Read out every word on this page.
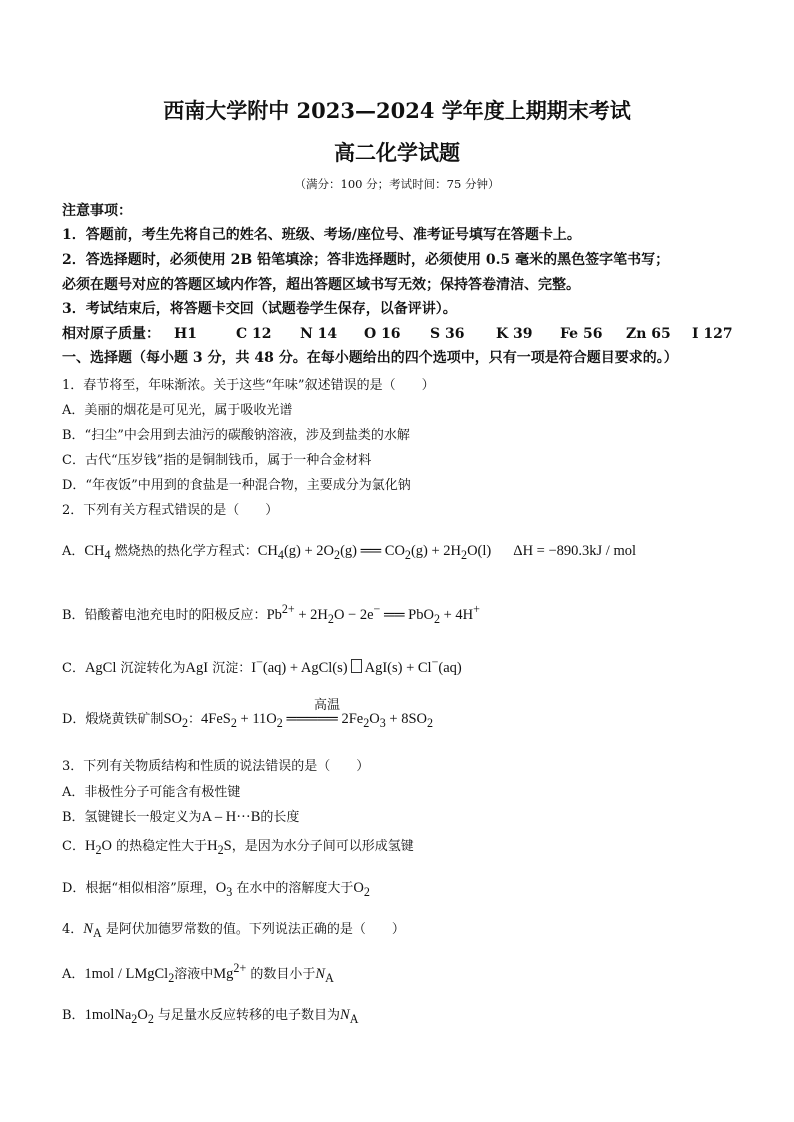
西南大学附中 2023—2024 学年度上期期末考试
高二化学试题
（满分：100 分；考试时间：75 分钟）
注意事项：
1．答题前，考生先将自己的姓名、班级、考场/座位号、准考证号填写在答题卡上。
2．答选择题时，必须使用 2B 铅笔填涂；答非选择题时，必须使用 0.5 毫米的黑色签字笔书写；
必须在题号对应的答题区域内作答，超出答题区域书写无效；保持答卷清洁、完整。
3．考试结束后，将答题卡交回（试题卷学生保存，以备评讲）。
相对原子质量： H1	C 12 N 14 O 16 S 36 K 39 Fe 56 Zn 65 I 127
一、选择题（每小题 3 分，共 48 分。在每小题给出的四个选项中，只有一项是符合题目要求的。）
1．春节将至，年味渐浓。关于这些“年味”叙述错误的是（　　）
A．美丽的烟花是可见光，属于吸收光谱
B．“扫尘”中会用到去油污的碳酸钠溶液，涉及到盐类的水解
C．古代“压岁钱”指的是铜制钱币，属于一种合金材料
D．“年夜饭”中用到的食盐是一种混合物，主要成分为氯化钠
2．下列有关方程式错误的是（　　）
A．$CH_4$ 燃烧热的热化学方程式：$CH_4(g) + 2O_2(g)$ ══ $CO_2(g) + 2H_2O(l) \Delta H = -890.3kJ$ / mol
B．铅酸蓄电池充电时的阳极反应：$Pb^{2+} + 2H_2O - 2e^-$ ══ PbO$_2$ + 4H+
C．AgCl 沉淀转化为AgI 沉淀：I−(aq) + AgCl(s) AgI(s) + Cl−(aq)
高温
D．煅烧黄铁矿制$SO_2$：$4FeS_2 + 11O_2$ ═════ $2Fe_2O_3 + 8SO_2$
3．下列有关物质结构和性质的说法错误的是（　　）
A．非极性分子可能含有极性键
B．氢键键长一般定义为A – H···B的长度
C．$H_2O$ 的热稳定性大于$H_2S$，是因为水分子间可以形成氢键
D．根据“相似相溶”原理，$O_3$ 在水中的溶解度大于$O_2$
4．$N_A$ 是阿伏加德罗常数的值。下列说法正确的是（　　）
A．1mol / LMgCl$_2$溶液中$Mg^{2+}$ 的数目小于$N_A$
B．$1molNa_2O_2$ 与足量水反应转移的电子数目为$N_A$
